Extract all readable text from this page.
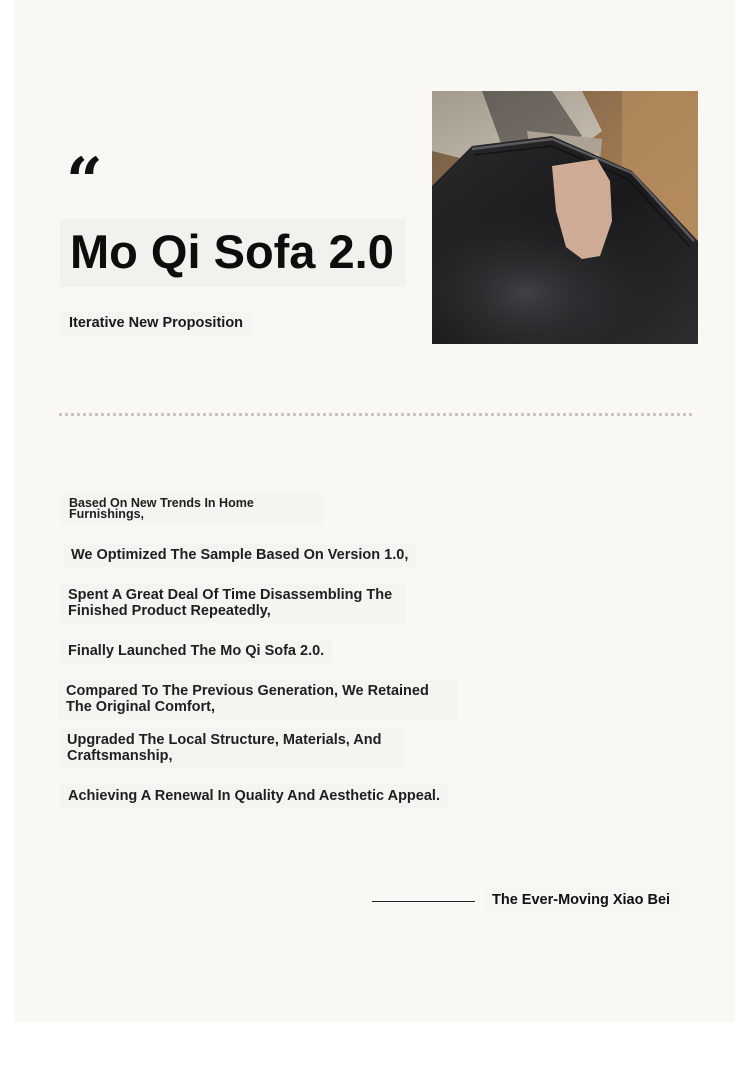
“
Mo Qi Sofa 2.0
Iterative New Proposition
Based On New Trends In Home Furnishings,
We Optimized The Sample Based On Version 1.0,
Spent A Great Deal Of Time Disassembling The Finished Product Repeatedly,
Finally Launched The Mo Qi Sofa 2.0.
Compared To The Previous Generation, We Retained The Original Comfort,
Upgraded The Local Structure, Materials, And Craftsmanship,
Achieving A Renewal In Quality And Aesthetic Appeal.
The Ever-Moving Xiao Bei
